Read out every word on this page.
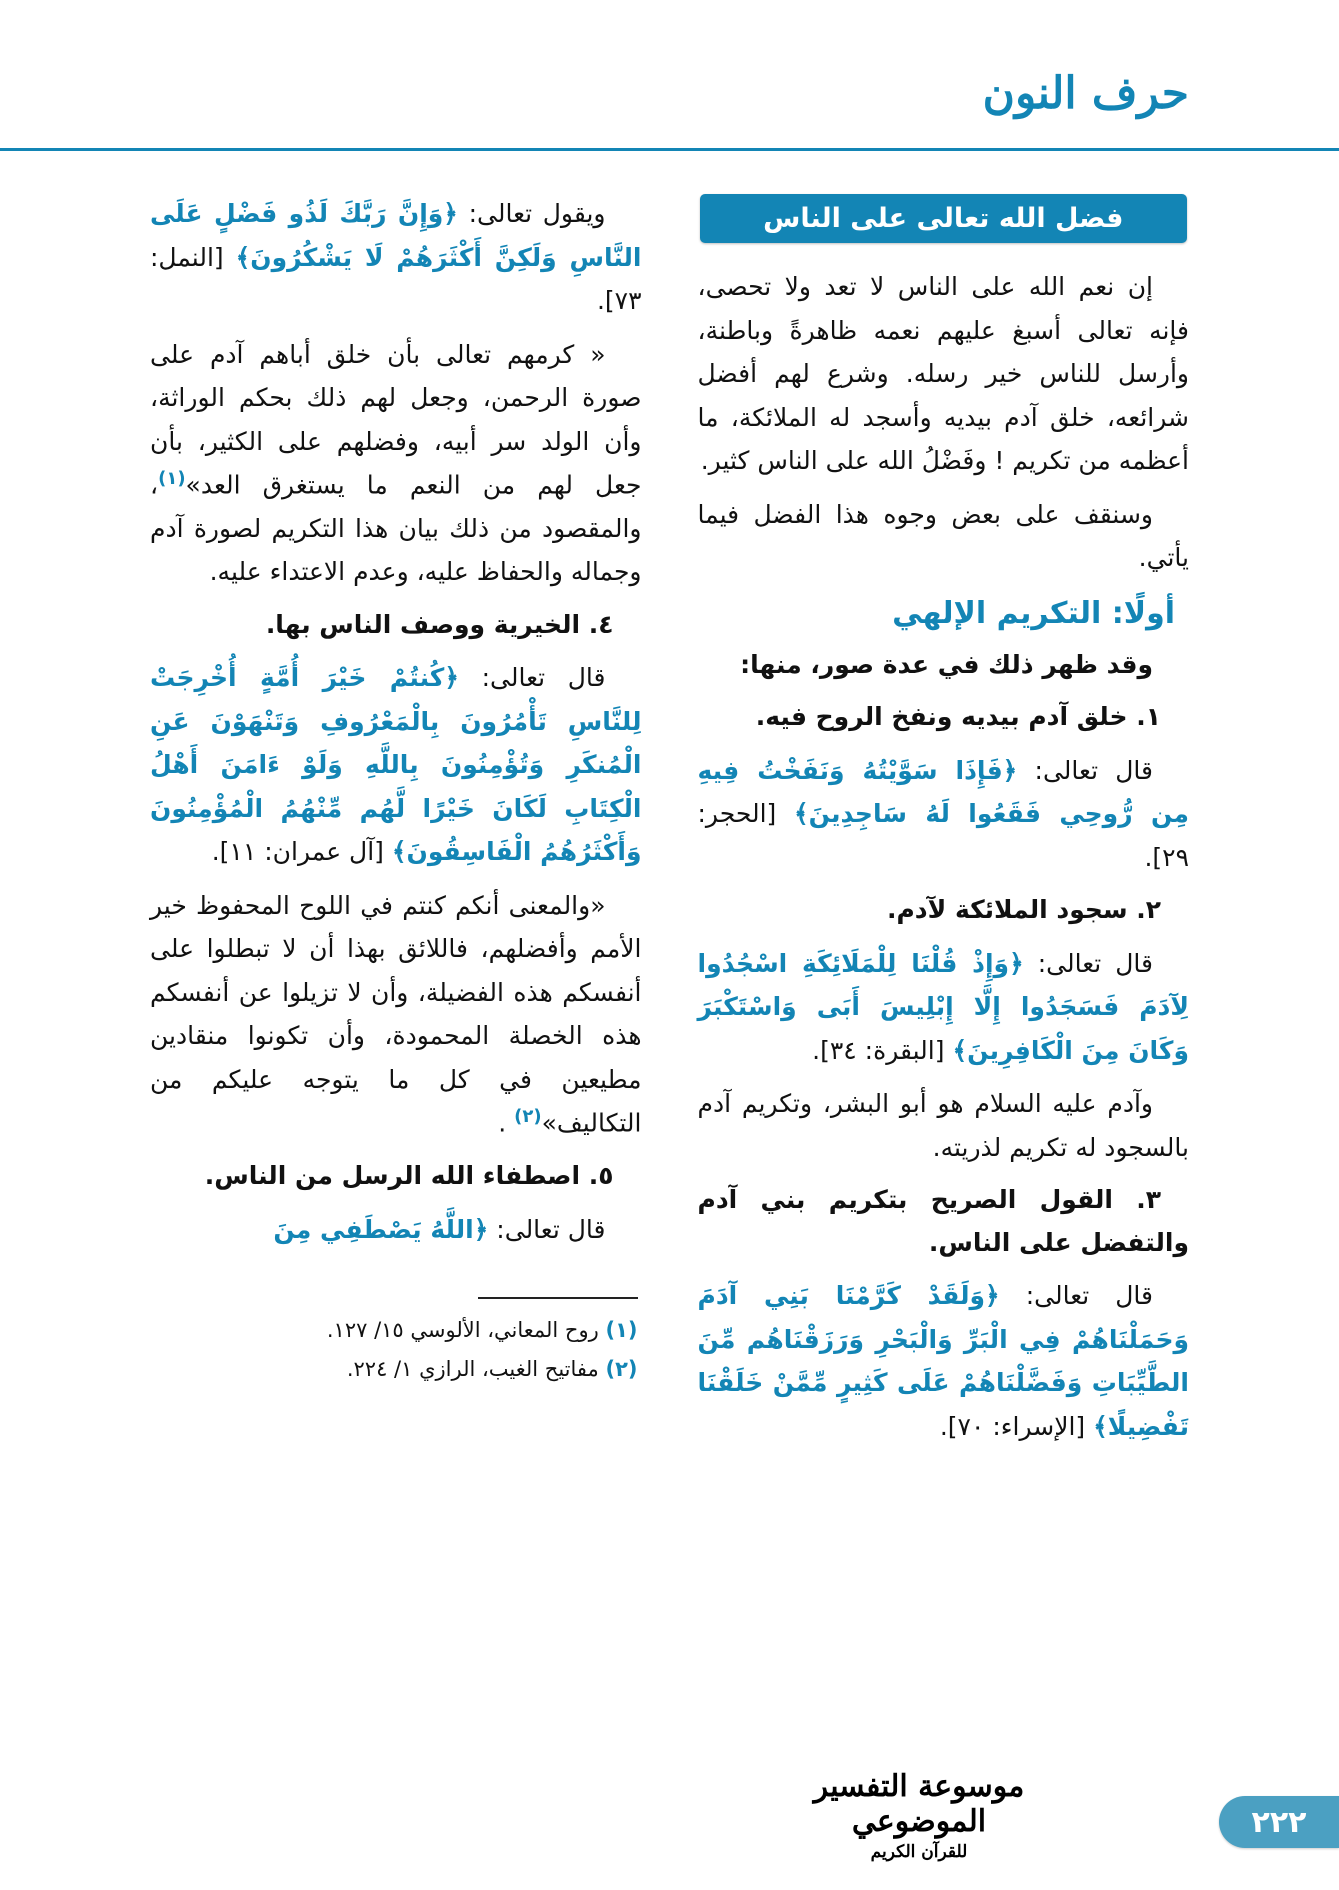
حرف النون
فضل الله تعالى على الناس

إن نعم الله على الناس لا تعد ولا تحصى، فإنه تعالى أسبغ عليهم نعمه ظاهرةً وباطنة، وأرسل للناس خير رسله. وشرع لهم أفضل شرائعه، خلق آدم بيديه وأسجد له الملائكة، ما أعظمه من تكريم ! وفَضْلُ الله على الناس كثير.

وسنقف على بعض وجوه هذا الفضل فيما يأتي.

أولًا: التكريم الإلهي

وقد ظهر ذلك في عدة صور، منها:

١. خلق آدم بيديه ونفخ الروح فيه.

قال تعالى: ﴿فَإِذَا سَوَّيْتُهُ وَنَفَخْتُ فِيهِ مِن رُّوحِي فَقَعُوا لَهُ سَاجِدِينَ﴾ [الحجر: ٢٩].

٢. سجود الملائكة لآدم.

قال تعالى: ﴿وَإِذْ قُلْنَا لِلْمَلَائِكَةِ اسْجُدُوا لِآدَمَ فَسَجَدُوا إِلَّا إِبْلِيسَ أَبَى وَاسْتَكْبَرَ وَكَانَ مِنَ الْكَافِرِينَ﴾ [البقرة: ٣٤].

وآدم عليه السلام هو أبو البشر، وتكريم آدم بالسجود له تكريم لذريته.

٣. القول الصريح بتكريم بني آدم والتفضل على الناس.

قال تعالى: ﴿وَلَقَدْ كَرَّمْنَا بَنِي آدَمَ وَحَمَلْنَاهُمْ فِي الْبَرِّ وَالْبَحْرِ وَرَزَقْنَاهُم مِّنَ الطَّيِّبَاتِ وَفَضَّلْنَاهُمْ عَلَى كَثِيرٍ مِّمَّنْ خَلَقْنَا تَفْضِيلًا﴾ [الإسراء: ٧٠].

ويقول تعالى: ﴿وَإِنَّ رَبَّكَ لَذُو فَضْلٍ عَلَى النَّاسِ وَلَكِنَّ أَكْثَرَهُمْ لَا يَشْكُرُونَ﴾ [النمل: ٧٣].

« كرمهم تعالى بأن خلق أباهم آدم على صورة الرحمن، وجعل لهم ذلك بحكم الوراثة، وأن الولد سر أبيه، وفضلهم على الكثير، بأن جعل لهم من النعم ما يستغرق العد»$^{(١)}$، والمقصود من ذلك بيان هذا التكريم لصورة آدم وجماله والحفاظ عليه، وعدم الاعتداء عليه.

٤. الخيرية ووصف الناس بها.

قال تعالى: ﴿كُنتُمْ خَيْرَ أُمَّةٍ أُخْرِجَتْ لِلنَّاسِ تَأْمُرُونَ بِالْمَعْرُوفِ وَتَنْهَوْنَ عَنِ الْمُنكَرِ وَتُؤْمِنُونَ بِاللَّهِ وَلَوْ ءَامَنَ أَهْلُ الْكِتَابِ لَكَانَ خَيْرًا لَّهُم مِّنْهُمُ الْمُؤْمِنُونَ وَأَكْثَرُهُمُ الْفَاسِقُونَ﴾ [آل عمران: ١١].

«والمعنى أنكم كنتم في اللوح المحفوظ خير الأمم وأفضلهم، فاللائق بهذا أن لا تبطلوا على أنفسكم هذه الفضيلة، وأن لا تزيلوا عن أنفسكم هذه الخصلة المحمودة، وأن تكونوا منقادين مطيعين في كل ما يتوجه عليكم من التكاليف»$^{(٢)}$ .

٥. اصطفاء الله الرسل من الناس.

قال تعالى: ﴿اللَّهُ يَصْطَفِي مِنَ

(١) روح المعاني، الألوسي ١٥/ ١٢٧.
(٢) مفاتيح الغيب، الرازي ١/ ٢٢٤.
موسوعة التفسير الموضوعي
للقرآن الكريم
٢٢٢
